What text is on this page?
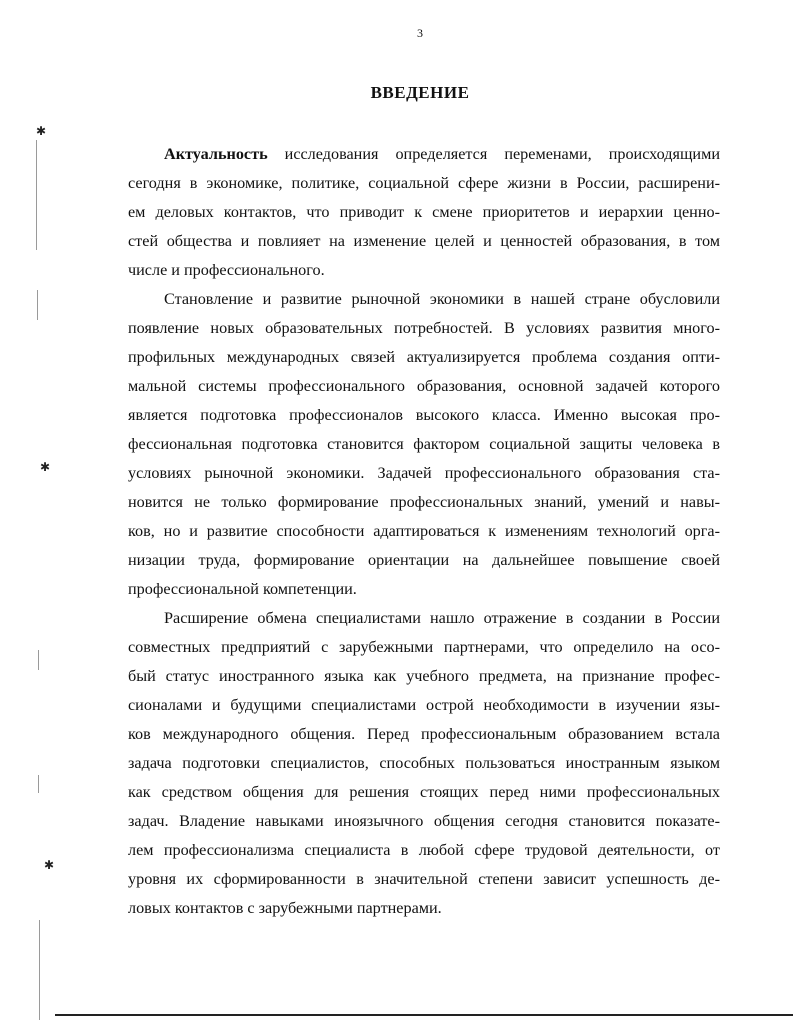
✱
✱
✱
3
ВВЕДЕНИЕ
Актуальность исследования определяется переменами, происходящими
сегодня в экономике, политике, социальной сфере жизни в России, расширени-
ем деловых контактов, что приводит к смене приоритетов и иерархии ценно-
стей общества и повлияет на изменение целей и ценностей образования, в том
числе и профессионального.
Становление и развитие рыночной экономики в нашей стране обусловили
появление новых образовательных потребностей. В условиях развития много-
профильных международных связей актуализируется проблема создания опти-
мальной системы профессионального образования, основной задачей которого
является подготовка профессионалов высокого класса. Именно высокая про-
фессиональная подготовка становится фактором социальной защиты человека в
условиях рыночной экономики. Задачей профессионального образования ста-
новится не только формирование профессиональных знаний, умений и навы-
ков, но и развитие способности адаптироваться к изменениям технологий орга-
низации труда, формирование ориентации на дальнейшее повышение своей
профессиональной компетенции.
Расширение обмена специалистами нашло отражение в создании в России
совместных предприятий с зарубежными партнерами, что определило на осо-
бый статус иностранного языка как учебного предмета, на признание профес-
сионалами и будущими специалистами острой необходимости в изучении язы-
ков международного общения. Перед профессиональным образованием встала
задача подготовки специалистов, способных пользоваться иностранным языком
как средством общения для решения стоящих перед ними профессиональных
задач. Владение навыками иноязычного общения сегодня становится показате-
лем профессионализма специалиста в любой сфере трудовой деятельности, от
уровня их сформированности в значительной степени зависит успешность де-
ловых контактов с зарубежными партнерами.
